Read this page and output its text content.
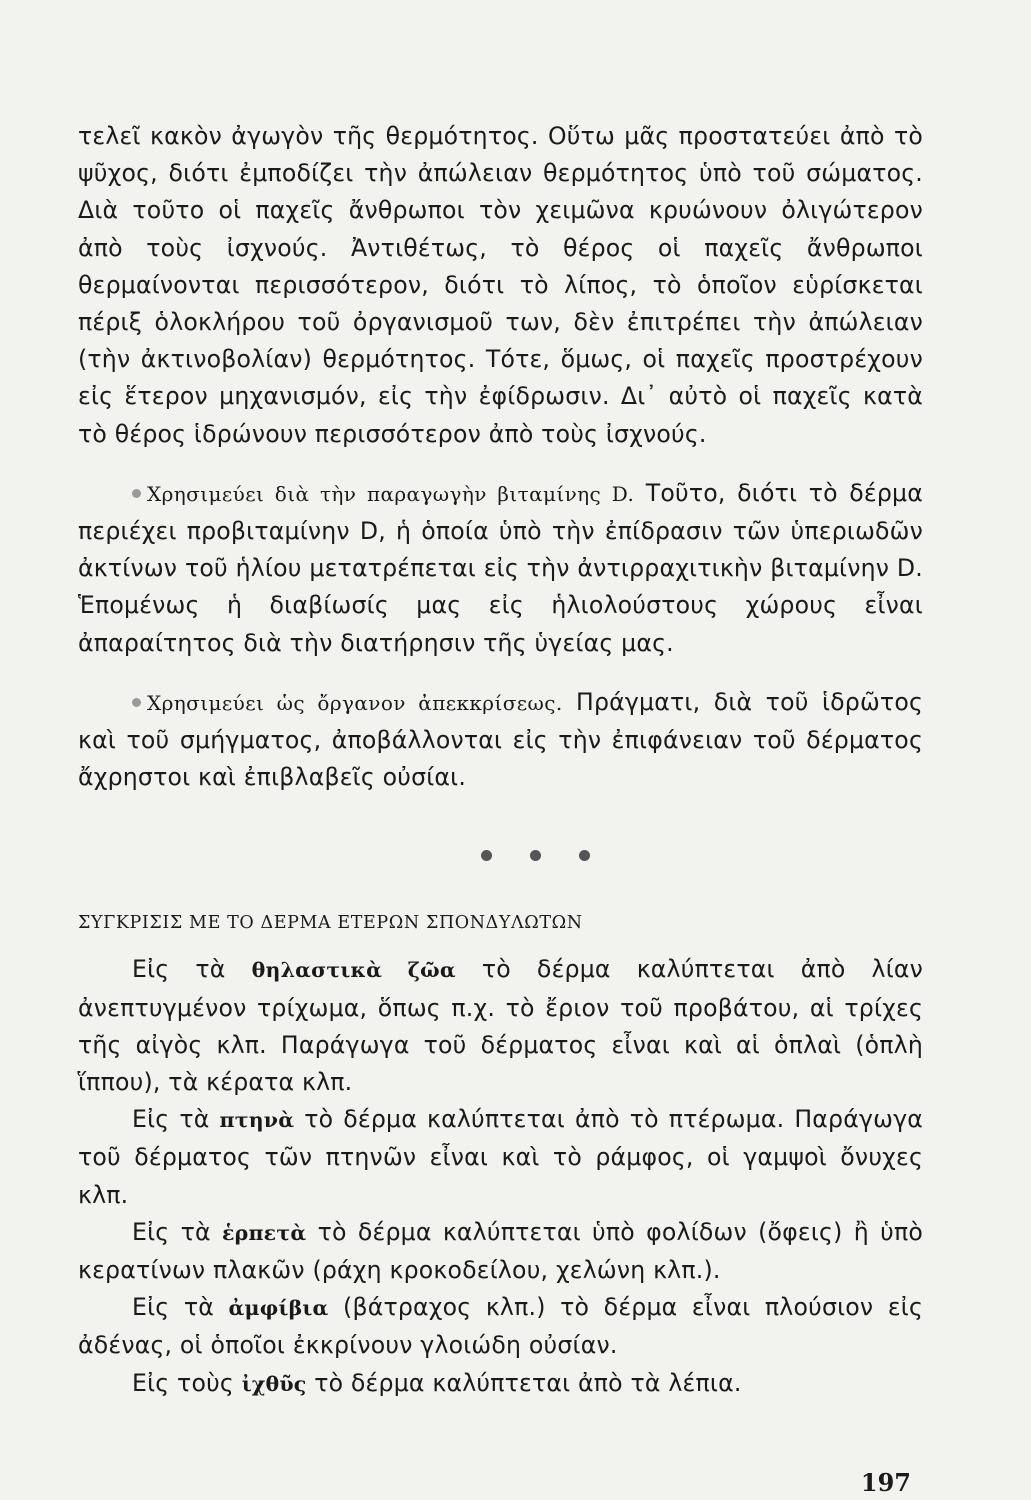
τελεῖ κακὸν ἀγωγὸν τῆς θερμότητος. Οὕτω μᾶς προστατεύει ἀπὸ τὸ ψῦχος, διότι ἐμποδίζει τὴν ἀπώλειαν θερμότητος ὑπὸ τοῦ σώματος. Διὰ τοῦτο οἱ παχεῖς ἄνθρωποι τὸν χειμῶνα κρυώνουν ὀλιγώτερον ἀπὸ τοὺς ἰσχνούς. Ἀντιθέτως, τὸ θέρος οἱ παχεῖς ἄνθρωποι θερμαίνονται περισσότερον, διότι τὸ λίπος, τὸ ὁποῖον εὑρίσκεται πέριξ ὁλοκλήρου τοῦ ὀργανισμοῦ των, δὲν ἐπιτρέπει τὴν ἀπώλειαν (τὴν ἀκτινοβολίαν) θερμότητος. Τότε, ὅμως, οἱ παχεῖς προστρέχουν εἰς ἕτερον μηχανισμόν, εἰς τὴν ἐφίδρωσιν. Δι᾽ αὐτὸ οἱ παχεῖς κατὰ τὸ θέρος ἱδρώνουν περισσότερον ἀπὸ τοὺς ἰσχνούς.

Χρησιμεύει διὰ τὴν παραγωγὴν βιταμίνης D. Τοῦτο, διότι τὸ δέρμα περιέχει προβιταμίνην D, ἡ ὁποία ὑπὸ τὴν ἐπίδρασιν τῶν ὑπεριωδῶν ἀκτίνων τοῦ ἡλίου μετατρέπεται εἰς τὴν ἀντιρραχιτικὴν βιταμίνην D. Ἑπομένως ἡ διαβίωσίς μας εἰς ἡλιολούστους χώρους εἶναι ἀπαραίτητος διὰ τὴν διατήρησιν τῆς ὑγείας μας.

Χρησιμεύει ὡς ὄργανον ἀπεκκρίσεως. Πράγματι, διὰ τοῦ ἱδρῶτος καὶ τοῦ σμήγματος, ἀποβάλλονται εἰς τὴν ἐπιφάνειαν τοῦ δέρματος ἄχρηστοι καὶ ἐπιβλαβεῖς οὐσίαι.

ΣΥΓΚΡΙΣΙΣ ΜΕ ΤΟ ΔΕΡΜΑ ΕΤΕΡΩΝ ΣΠΟΝΔΥΛΩΤΩΝ

Εἰς τὰ θηλαστικὰ ζῶα τὸ δέρμα καλύπτεται ἀπὸ λίαν ἀνεπτυγμένον τρίχωμα, ὅπως π.χ. τὸ ἔριον τοῦ προβάτου, αἱ τρίχες τῆς αἰγὸς κλπ. Παράγωγα τοῦ δέρματος εἶναι καὶ αἱ ὁπλαὶ (ὁπλὴ ἵππου), τὰ κέρατα κλπ.

Εἰς τὰ πτηνὰ τὸ δέρμα καλύπτεται ἀπὸ τὸ πτέρωμα. Παράγωγα τοῦ δέρματος τῶν πτηνῶν εἶναι καὶ τὸ ράμφος, οἱ γαμψοὶ ὄνυχες κλπ.

Εἰς τὰ ἑρπετὰ τὸ δέρμα καλύπτεται ὑπὸ φολίδων (ὄφεις) ἢ ὑπὸ κερατίνων πλακῶν (ράχη κροκοδείλου, χελώνη κλπ.).

Εἰς τὰ ἀμφίβια (βάτραχος κλπ.) τὸ δέρμα εἶναι πλούσιον εἰς ἀδένας, οἱ ὁποῖοι ἐκκρίνουν γλοιώδη οὐσίαν.

Εἰς τοὺς ἰχθῦς τὸ δέρμα καλύπτεται ἀπὸ τὰ λέπια.

197
